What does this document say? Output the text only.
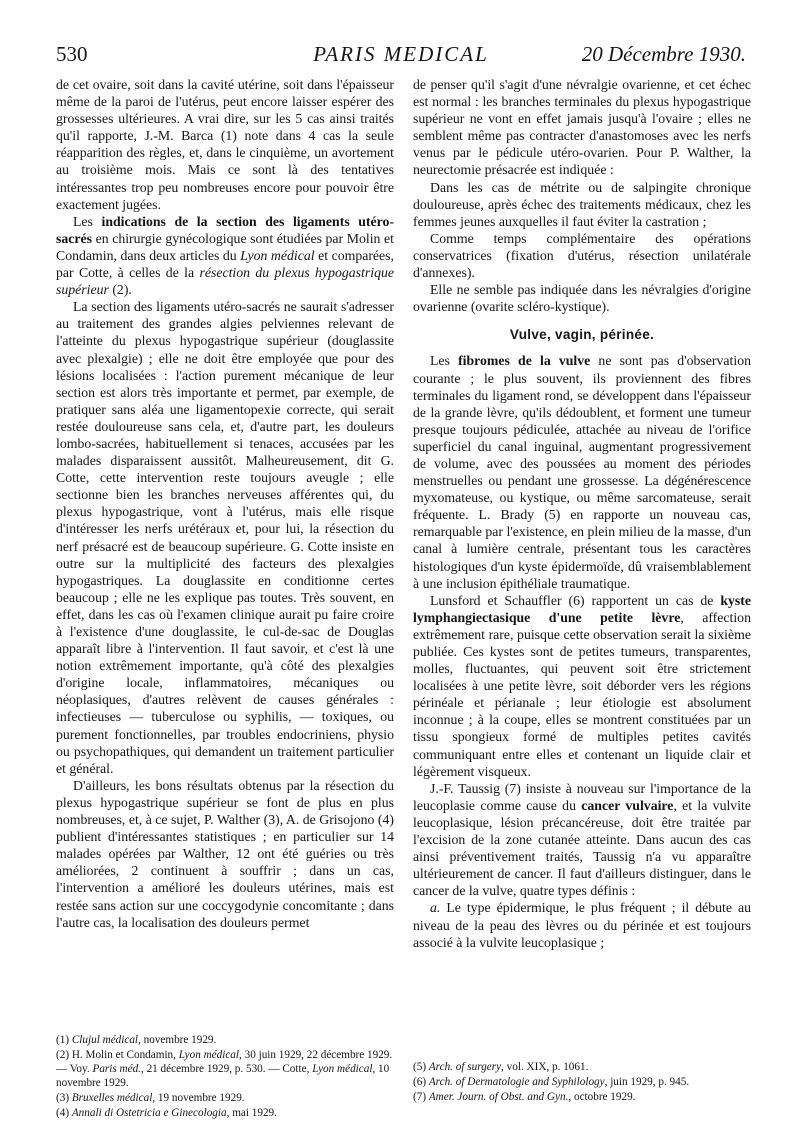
530	PARIS MEDICAL	20 Décembre 1930.

de cet ovaire, soit dans la cavité utérine, soit dans l'épaisseur même de la paroi de l'utérus, peut encore laisser espérer des grossesses ultérieures. A vrai dire, sur les 5 cas ainsi traités qu'il rapporte, J.-M. Barca (1) note dans 4 cas la seule réapparition des règles, et, dans le cinquième, un avortement au troisième mois. Mais ce sont là des tentatives intéressantes trop peu nombreuses encore pour pouvoir être exactement jugées.

Les indications de la section des ligaments utéro-sacrés en chirurgie gynécologique sont étudiées par Molin et Condamin, dans deux articles du Lyon médical et comparées, par Cotte, à celles de la résection du plexus hypogastrique supérieur (2).

La section des ligaments utéro-sacrés ne saurait s'adresser au traitement des grandes algies pelviennes relevant de l'atteinte du plexus hypogastrique supérieur (douglassite avec plexalgie) ; elle ne doit être employée que pour des lésions localisées : l'action purement mécanique de leur section est alors très importante et permet, par exemple, de pratiquer sans aléa une ligamentopexie correcte, qui serait restée douloureuse sans cela, et, d'autre part, les douleurs lombo-sacrées, habituellement si tenaces, accusées par les malades disparaissent aussitôt. Malheureusement, dit G. Cotte, cette intervention reste toujours aveugle ; elle sectionne bien les branches nerveuses afférentes qui, du plexus hypogastrique, vont à l'utérus, mais elle risque d'intéresser les nerfs urétéraux et, pour lui, la résection du nerf présacré est de beaucoup supérieure. G. Cotte insiste en outre sur la multiplicité des facteurs des plexalgies hypogastriques. La douglassite en conditionne certes beaucoup ; elle ne les explique pas toutes. Très souvent, en effet, dans les cas où l'examen clinique aurait pu faire croire à l'existence d'une douglassite, le cul-de-sac de Douglas apparaît libre à l'intervention. Il faut savoir, et c'est là une notion extrêmement importante, qu'à côté des plexalgies d'origine locale, inflammatoires, mécaniques ou néoplasiques, d'autres relèvent de causes générales : infectieuses — tuberculose ou syphilis, — toxiques, ou purement fonctionnelles, par troubles endocriniens, physio ou psychopathiques, qui demandent un traitement particulier et général.

D'ailleurs, les bons résultats obtenus par la résection du plexus hypogastrique supérieur se font de plus en plus nombreuses, et, à ce sujet, P. Walther (3), A. de Grisojono (4) publient d'intéressantes statistiques ; en particulier sur 14 malades opérées par Walther, 12 ont été guéries ou très améliorées, 2 continuent à souffrir ; dans un cas, l'intervention a amélioré les douleurs utérines, mais est restée sans action sur une coccygodynie concomitante ; dans l'autre cas, la localisation des douleurs permet

(1) Clujul médical, novembre 1929.
(2) H. Molin et Condamin, Lyon médical, 30 juin 1929, 22 décembre 1929. — Voy. Paris méd., 21 décembre 1929, p. 530. — Cotte, Lyon médical, 10 novembre 1929.
(3) Bruxelles médical, 19 novembre 1929.
(4) Annali di Ostetricia e Ginecologia, mai 1929.

de penser qu'il s'agit d'une névralgie ovarienne, et cet échec est normal : les branches terminales du plexus hypogastrique supérieur ne vont en effet jamais jusqu'à l'ovaire ; elles ne semblent même pas contracter d'anastomoses avec les nerfs venus par le pédicule utéro-ovarien. Pour P. Walther, la neurectomie présacrée est indiquée :

Dans les cas de métrite ou de salpingite chronique douloureuse, après échec des traitements médicaux, chez les femmes jeunes auxquelles il faut éviter la castration ;

Comme temps complémentaire des opérations conservatrices (fixation d'utérus, résection unilatérale d'annexes).

Elle ne semble pas indiquée dans les névralgies d'origine ovarienne (ovarite scléro-kystique).

Vulve, vagin, périnée.

Les fibromes de la vulve ne sont pas d'observation courante ; le plus souvent, ils proviennent des fibres terminales du ligament rond, se développent dans l'épaisseur de la grande lèvre, qu'ils dédoublent, et forment une tumeur presque toujours pédiculée, attachée au niveau de l'orifice superficiel du canal inguinal, augmentant progressivement de volume, avec des poussées au moment des périodes menstruelles ou pendant une grossesse. La dégénérescence myxomateuse, ou kystique, ou même sarcomateuse, serait fréquente. L. Brady (5) en rapporte un nouveau cas, remarquable par l'existence, en plein milieu de la masse, d'un canal à lumière centrale, présentant tous les caractères histologiques d'un kyste épidermoïde, dû vraisemblablement à une inclusion épithéliale traumatique.

Lunsford et Schauffler (6) rapportent un cas de kyste lymphangiectasique d'une petite lèvre, affection extrêmement rare, puisque cette observation serait la sixième publiée. Ces kystes sont de petites tumeurs, transparentes, molles, fluctuantes, qui peuvent soit être strictement localisées à une petite lèvre, soit déborder vers les régions périnéale et périanale ; leur étiologie est absolument inconnue ; à la coupe, elles se montrent constituées par un tissu spongieux formé de multiples petites cavités communiquant entre elles et contenant un liquide clair et légèrement visqueux.

J.-F. Taussig (7) insiste à nouveau sur l'importance de la leucoplasie comme cause du cancer vulvaire, et la vulvite leucoplasique, lésion précancéreuse, doit être traitée par l'excision de la zone cutanée atteinte. Dans aucun des cas ainsi préventivement traités, Taussig n'a vu apparaître ultérieurement de cancer. Il faut d'ailleurs distinguer, dans le cancer de la vulve, quatre types définis :

a. Le type épidermique, le plus fréquent ; il débute au niveau de la peau des lèvres ou du périnée et est toujours associé à la vulvite leucoplasique ;

(5) Arch. of surgery, vol. XIX, p. 1061.
(6) Arch. of Dermatologie and Syphilology, juin 1929, p. 945.
(7) Amer. Journ. of Obst. and Gyn., octobre 1929.
